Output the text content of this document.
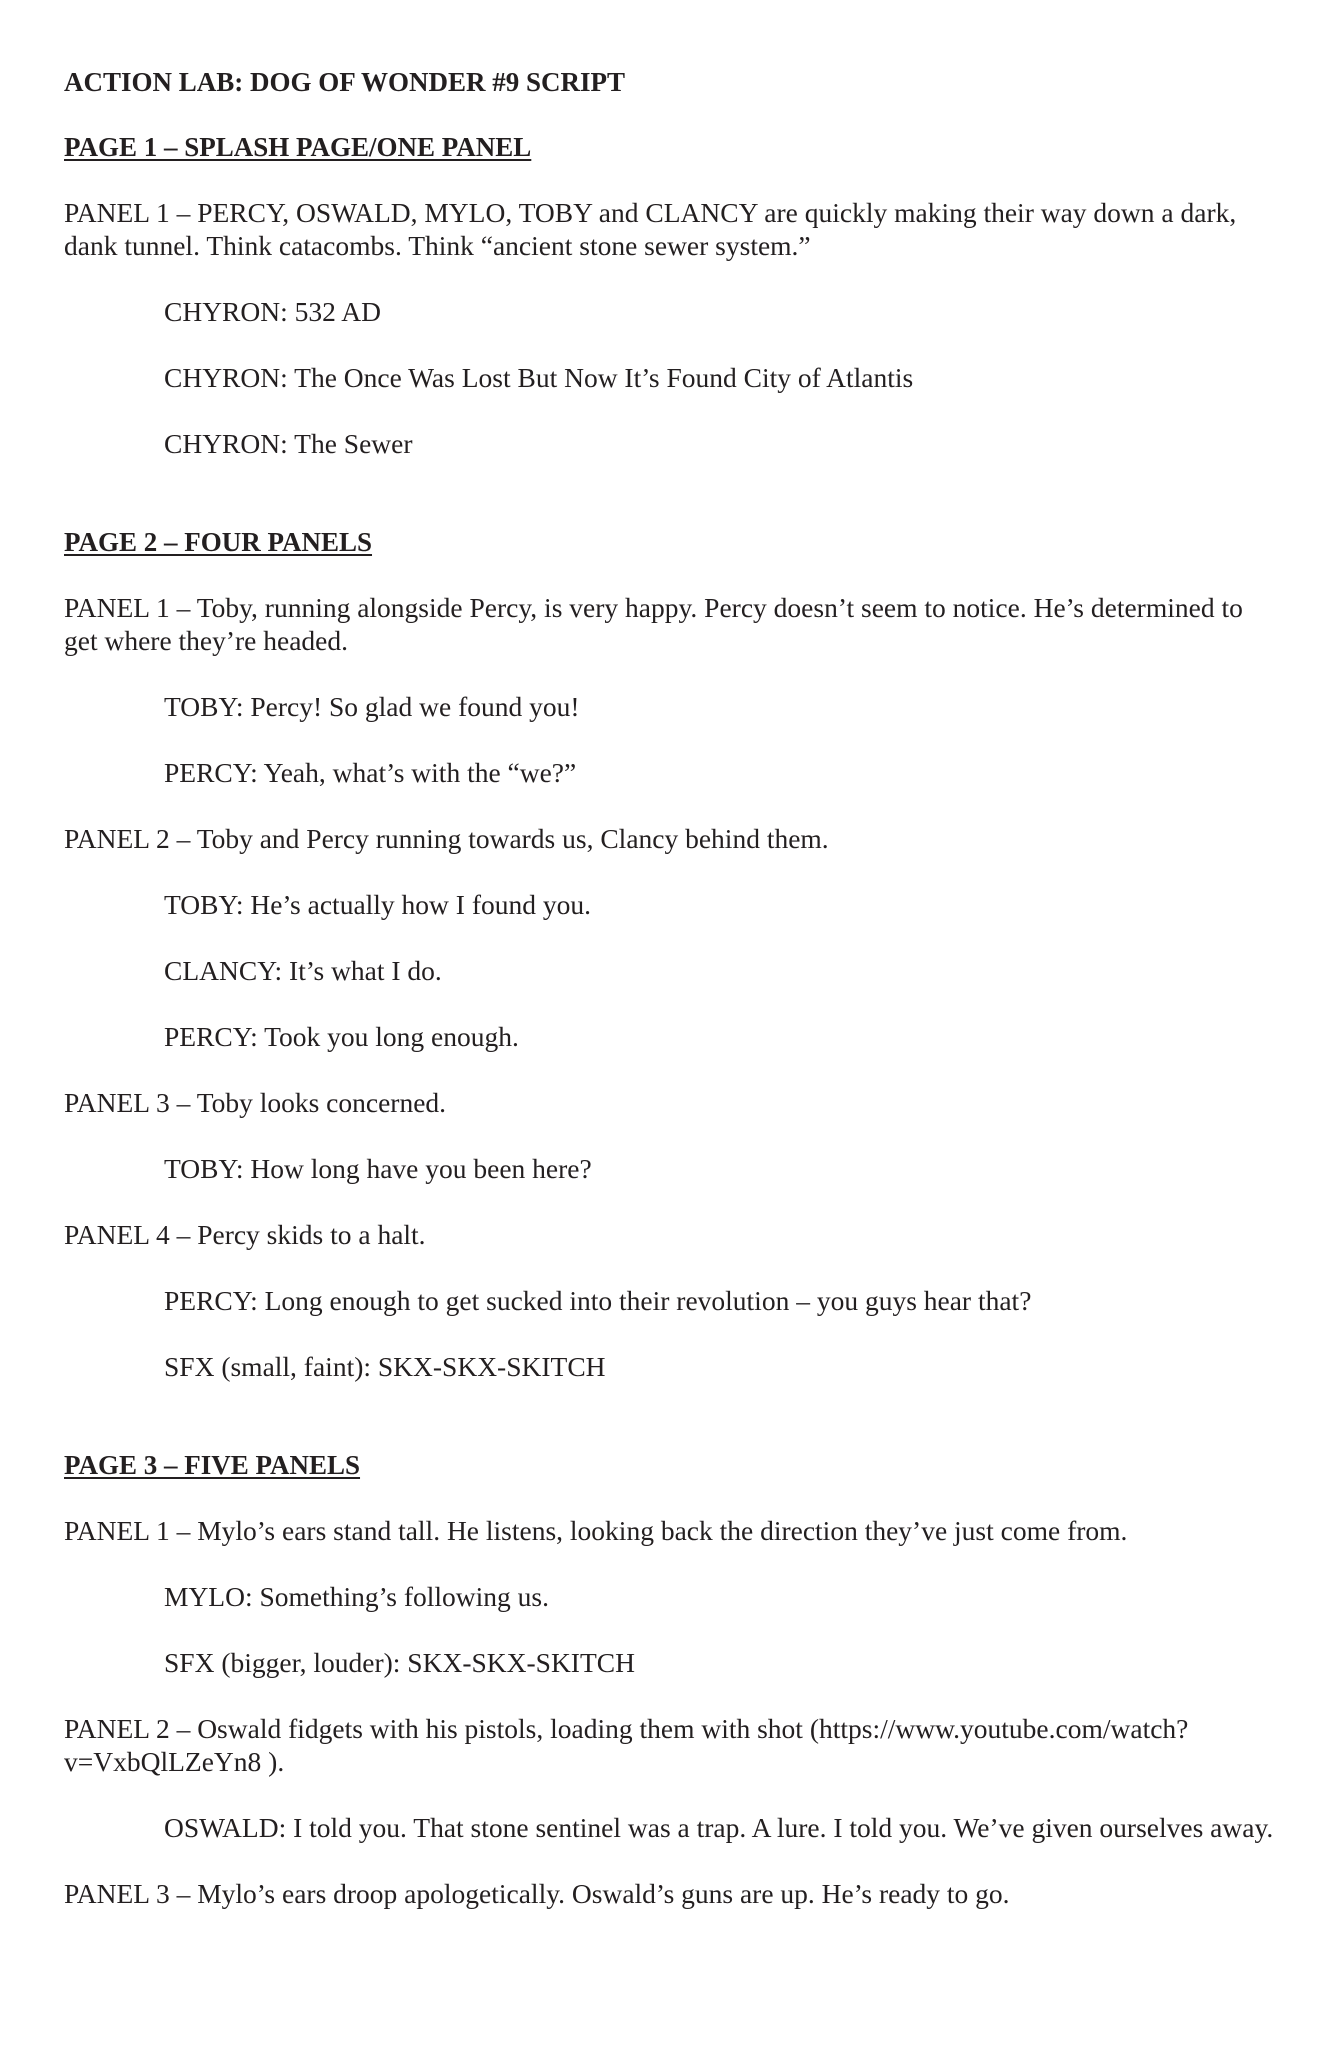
ACTION LAB: DOG OF WONDER #9 SCRIPT
PAGE 1 – SPLASH PAGE/ONE PANEL
PANEL 1 – PERCY, OSWALD, MYLO, TOBY and CLANCY are quickly making their way down a dark, dank tunnel. Think catacombs. Think “ancient stone sewer system.”
CHYRON: 532 AD
CHYRON: The Once Was Lost But Now It’s Found City of Atlantis
CHYRON: The Sewer
PAGE 2 – FOUR PANELS
PANEL 1 – Toby, running alongside Percy, is very happy. Percy doesn’t seem to notice. He’s determined to get where they’re headed.
TOBY: Percy! So glad we found you!
PERCY: Yeah, what’s with the “we?”
PANEL 2 – Toby and Percy running towards us, Clancy behind them.
TOBY: He’s actually how I found you.
CLANCY: It’s what I do.
PERCY: Took you long enough.
PANEL 3 – Toby looks concerned.
TOBY: How long have you been here?
PANEL 4 – Percy skids to a halt.
PERCY: Long enough to get sucked into their revolution – you guys hear that?
SFX (small, faint): SKX-SKX-SKITCH
PAGE 3 – FIVE PANELS
PANEL 1 – Mylo’s ears stand tall. He listens, looking back the direction they’ve just come from.
MYLO: Something’s following us.
SFX (bigger, louder): SKX-SKX-SKITCH
PANEL 2 – Oswald fidgets with his pistols, loading them with shot (https://www.youtube.com/watch?v=VxbQlLZeYn8 ).
OSWALD: I told you. That stone sentinel was a trap. A lure. I told you. We’ve given ourselves away.
PANEL 3 – Mylo’s ears droop apologetically. Oswald’s guns are up. He’s ready to go.
